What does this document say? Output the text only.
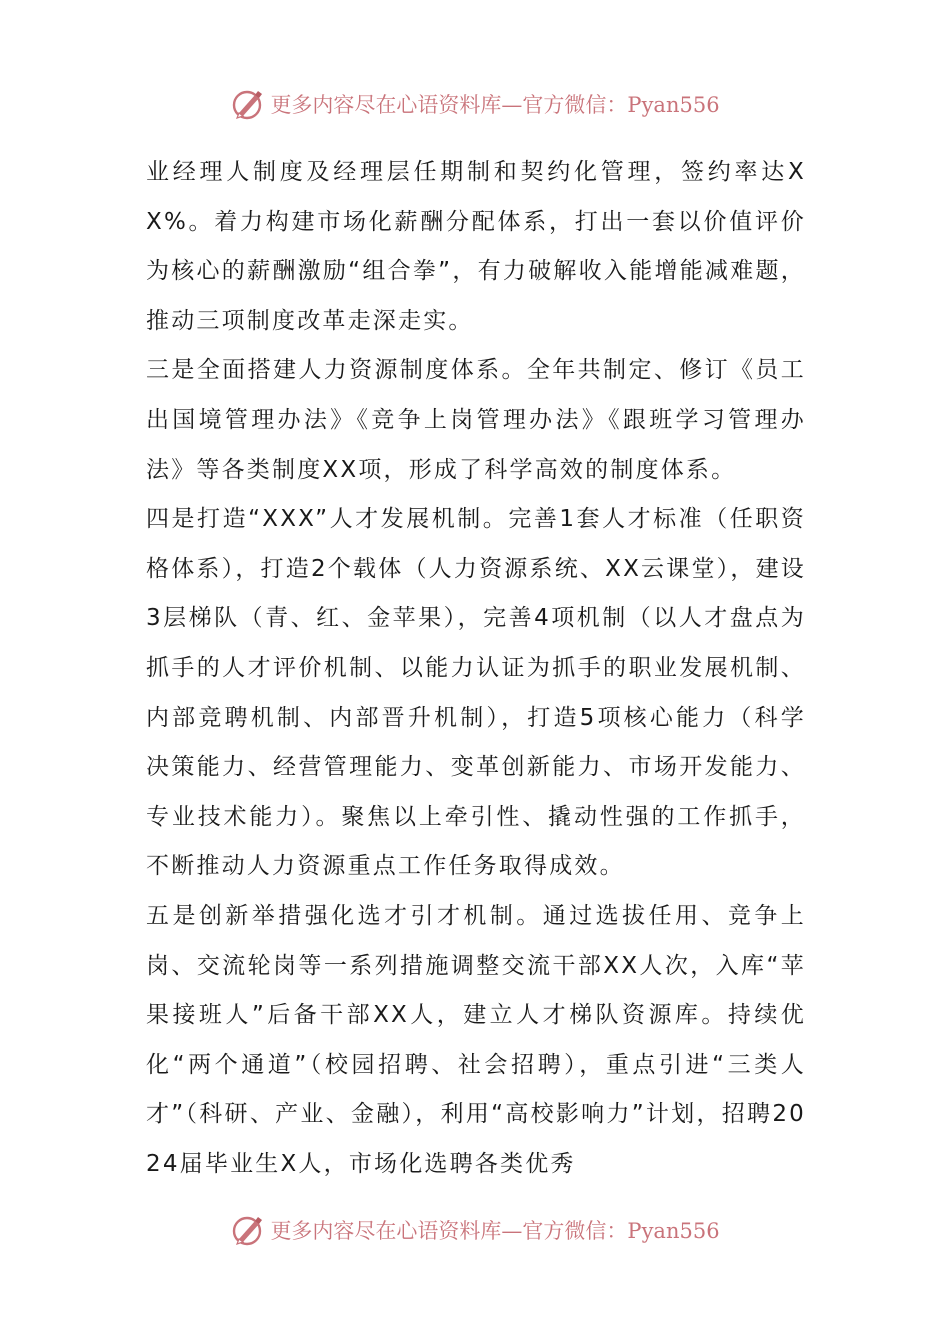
更多内容尽在心语资料库—官方微信：Pyan556

业经理人制度及经理层任期制和契约化管理，签约率达XX%。着力构建市场化薪酬分配体系，打出一套以价值评价为核心的薪酬激励“组合拳”，有力破解收入能增能减难题，推动三项制度改革走深走实。

三是全面搭建人力资源制度体系。全年共制定、修订《员工出国境管理办法》《竞争上岗管理办法》《跟班学习管理办法》等各类制度XX项，形成了科学高效的制度体系。

四是打造“XXX”人才发展机制。完善1套人才标准（任职资格体系），打造2个载体（人力资源系统、XX云课堂），建设3层梯队（青、红、金苹果），完善4项机制（以人才盘点为抓手的人才评价机制、以能力认证为抓手的职业发展机制、内部竞聘机制、内部晋升机制），打造5项核心能力（科学决策能力、经营管理能力、变革创新能力、市场开发能力、专业技术能力）。聚焦以上牵引性、撬动性强的工作抓手，不断推动人力资源重点工作任务取得成效。

五是创新举措强化选才引才机制。通过选拔任用、竞争上岗、交流轮岗等一系列措施调整交流干部XX人次，入库“苹果接班人”后备干部XX人，建立人才梯队资源库。持续优化“两个通道”（校园招聘、社会招聘），重点引进“三类人才”（科研、产业、金融），利用“高校影响力”计划，招聘2024届毕业生X人，市场化选聘各类优秀

更多内容尽在心语资料库—官方微信：Pyan556
